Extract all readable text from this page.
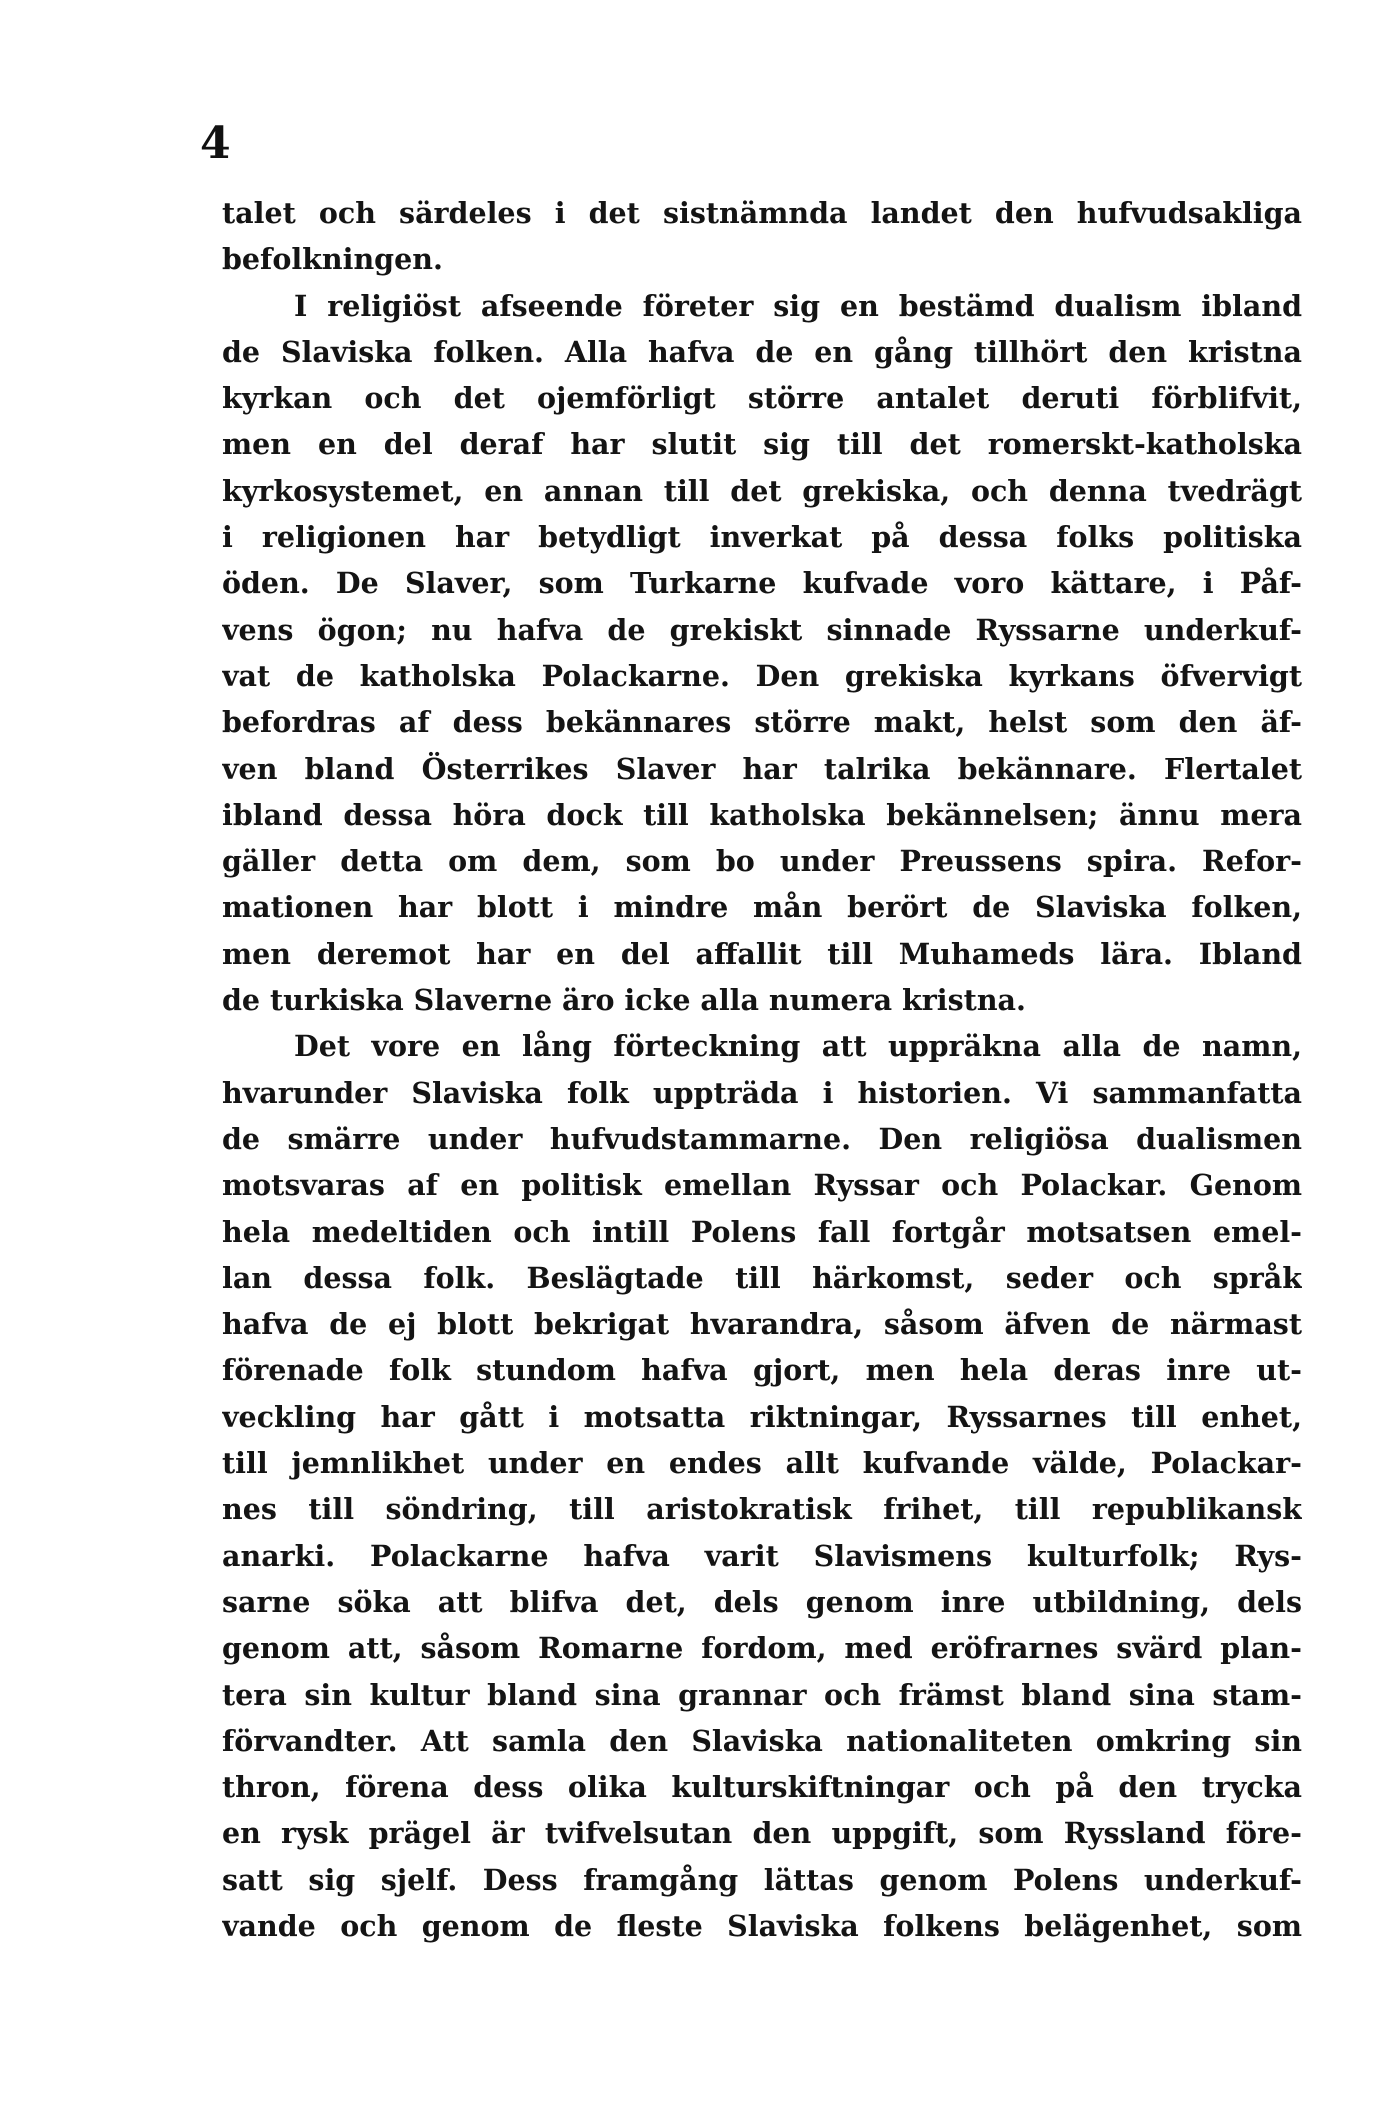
4
talet och särdeles i det sistnämnda landet den hufvudsakliga
befolkningen.
I religiöst afseende företer sig en bestämd dualism ibland
de Slaviska folken. Alla hafva de en gång tillhört den kristna
kyrkan och det ojemförligt större antalet deruti förblifvit,
men en del deraf har slutit sig till det romerskt-katholska
kyrkosystemet, en annan till det grekiska, och denna tvedrägt
i religionen har betydligt inverkat på dessa folks politiska
öden. De Slaver, som Turkarne kufvade voro kättare, i Påf-
vens ögon; nu hafva de grekiskt sinnade Ryssarne underkuf-
vat de katholska Polackarne. Den grekiska kyrkans öfvervigt
befordras af dess bekännares större makt, helst som den äf-
ven bland Österrikes Slaver har talrika bekännare. Flertalet
ibland dessa höra dock till katholska bekännelsen; ännu mera
gäller detta om dem, som bo under Preussens spira. Refor-
mationen har blott i mindre mån berört de Slaviska folken,
men deremot har en del affallit till Muhameds lära. Ibland
de turkiska Slaverne äro icke alla numera kristna.
Det vore en lång förteckning att uppräkna alla de namn,
hvarunder Slaviska folk uppträda i historien. Vi sammanfatta
de smärre under hufvudstammarne. Den religiösa dualismen
motsvaras af en politisk emellan Ryssar och Polackar. Genom
hela medeltiden och intill Polens fall fortgår motsatsen emel-
lan dessa folk. Beslägtade till härkomst, seder och språk
hafva de ej blott bekrigat hvarandra, såsom äfven de närmast
förenade folk stundom hafva gjort, men hela deras inre ut-
veckling har gått i motsatta riktningar, Ryssarnes till enhet,
till jemnlikhet under en endes allt kufvande välde, Polackar-
nes till söndring, till aristokratisk frihet, till republikansk
anarki. Polackarne hafva varit Slavismens kulturfolk; Rys-
sarne söka att blifva det, dels genom inre utbildning, dels
genom att, såsom Romarne fordom, med eröfrarnes svärd plan-
tera sin kultur bland sina grannar och främst bland sina stam-
förvandter. Att samla den Slaviska nationaliteten omkring sin
thron, förena dess olika kulturskiftningar och på den trycka
en rysk prägel är tvifvelsutan den uppgift, som Ryssland före-
satt sig sjelf. Dess framgång lättas genom Polens underkuf-
vande och genom de fleste Slaviska folkens belägenhet, som
